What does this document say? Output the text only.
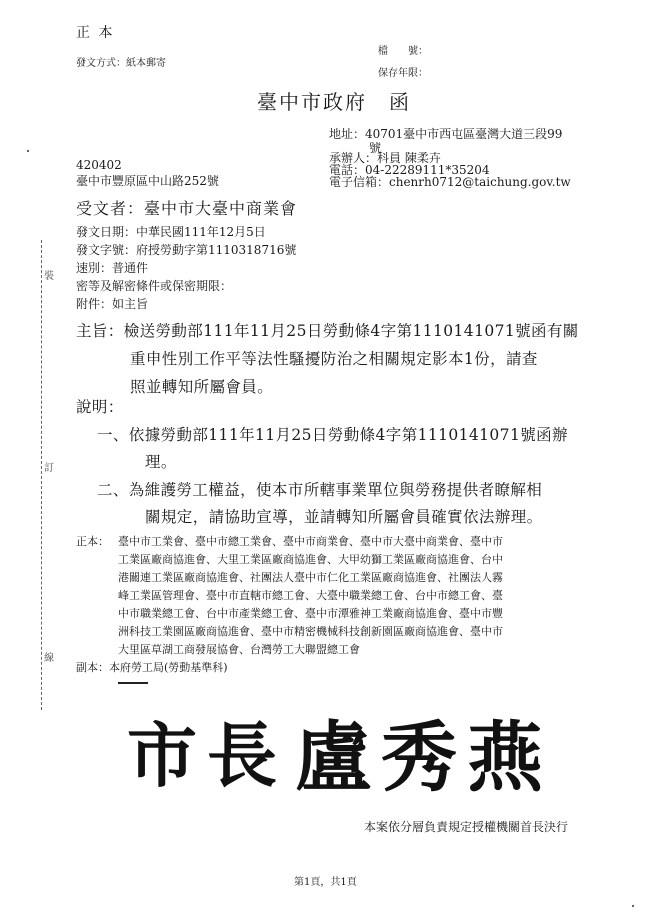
裝
訂
線
正 本
發文方式：紙本郵寄
檔　　號：
保存年限：
臺中市政府　函
地址：40701臺中市西屯區臺灣大道三段99
號
承辦人：科員 陳柔卉
電話：04-22289111*35204
電子信箱：chenrh0712@taichung.gov.tw
420402
臺中市豐原區中山路252號
受文者：臺中市大臺中商業會
發文日期：中華民國111年12月5日
發文字號：府授勞動字第1110318716號
速別：普通件
密等及解密條件或保密期限：
附件：如主旨
主旨：檢送勞動部111年11月25日勞動條4字第1110141071號函有關
重申性別工作平等法性騷擾防治之相關規定影本1份，請查
照並轉知所屬會員。
說明：
一、依據勞動部111年11月25日勞動條4字第1110141071號函辦
理。
二、為維護勞工權益，使本市所轄事業單位與勞務提供者瞭解相
關規定，請協助宣導，並請轉知所屬會員確實依法辦理。
正本： 臺中市工業會、臺中市總工業會、臺中市商業會、臺中市大臺中商業會、臺中市
工業區廠商協進會、大里工業區廠商協進會、大甲幼獅工業區廠商協進會、台中
港關連工業區廠商協進會、社團法人臺中市仁化工業區廠商協進會、社團法人霧
峰工業區管理會、臺中市直轄市總工會、大臺中職業總工會、台中市總工會、臺
中市職業總工會、台中市產業總工會、臺中市潭雅神工業廠商協進會、臺中市豐
洲科技工業園區廠商協進會、臺中市精密機械科技創新園區廠商協進會、臺中市
大里區草湖工商發展協會、台灣勞工大聯盟總工會
副本：本府勞工局(勞動基準科)
市長 盧秀燕
本案依分層負責規定授權機關首長決行
第1頁，共1頁
